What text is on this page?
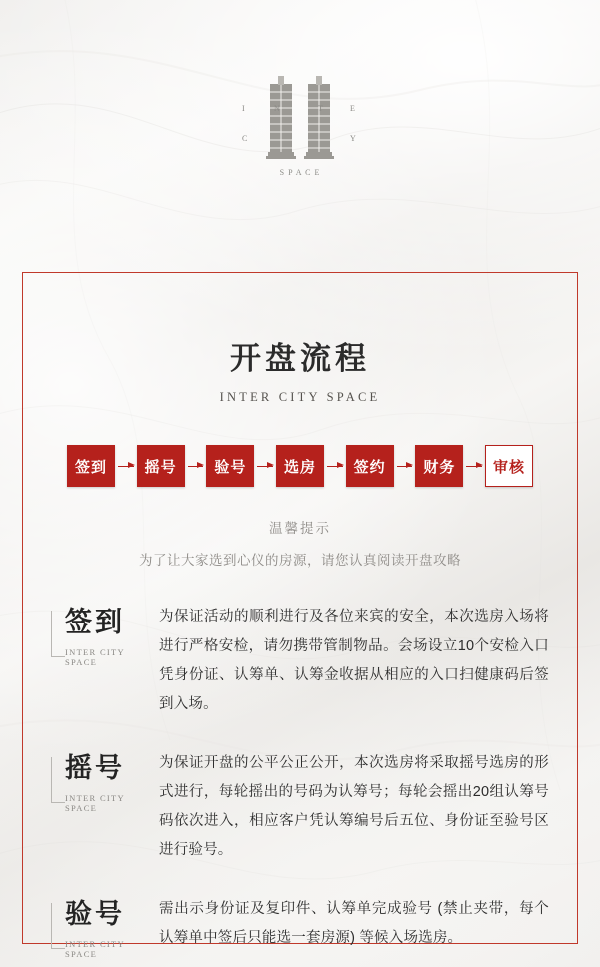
I	N	T	E
C	Y
S P A C E
开盘流程
INTER CITY SPACE
签到	摇号	验号	选房	签约	财务	审核
温馨提示
为了让大家选到心仪的房源，请您认真阅读开盘攻略
签到
INTER CITY SPACE
为保证活动的顺利进行及各位来宾的安全，本次选房入场将进行严格安检，请勿携带管制物品。会场设立10个安检入口凭身份证、认筹单、认筹金收据从相应的入口扫健康码后签到入场。
摇号
INTER CITY SPACE
为保证开盘的公平公正公开，本次选房将采取摇号选房的形式进行，每轮摇出的号码为认筹号；每轮会摇出20组认筹号码依次进入，相应客户凭认筹编号后五位、身份证至验号区进行验号。
验号
INTER CITY SPACE
需出示身份证及复印件、认筹单完成验号 (禁止夹带，每个认筹单中签后只能选一套房源) 等候入场选房。
